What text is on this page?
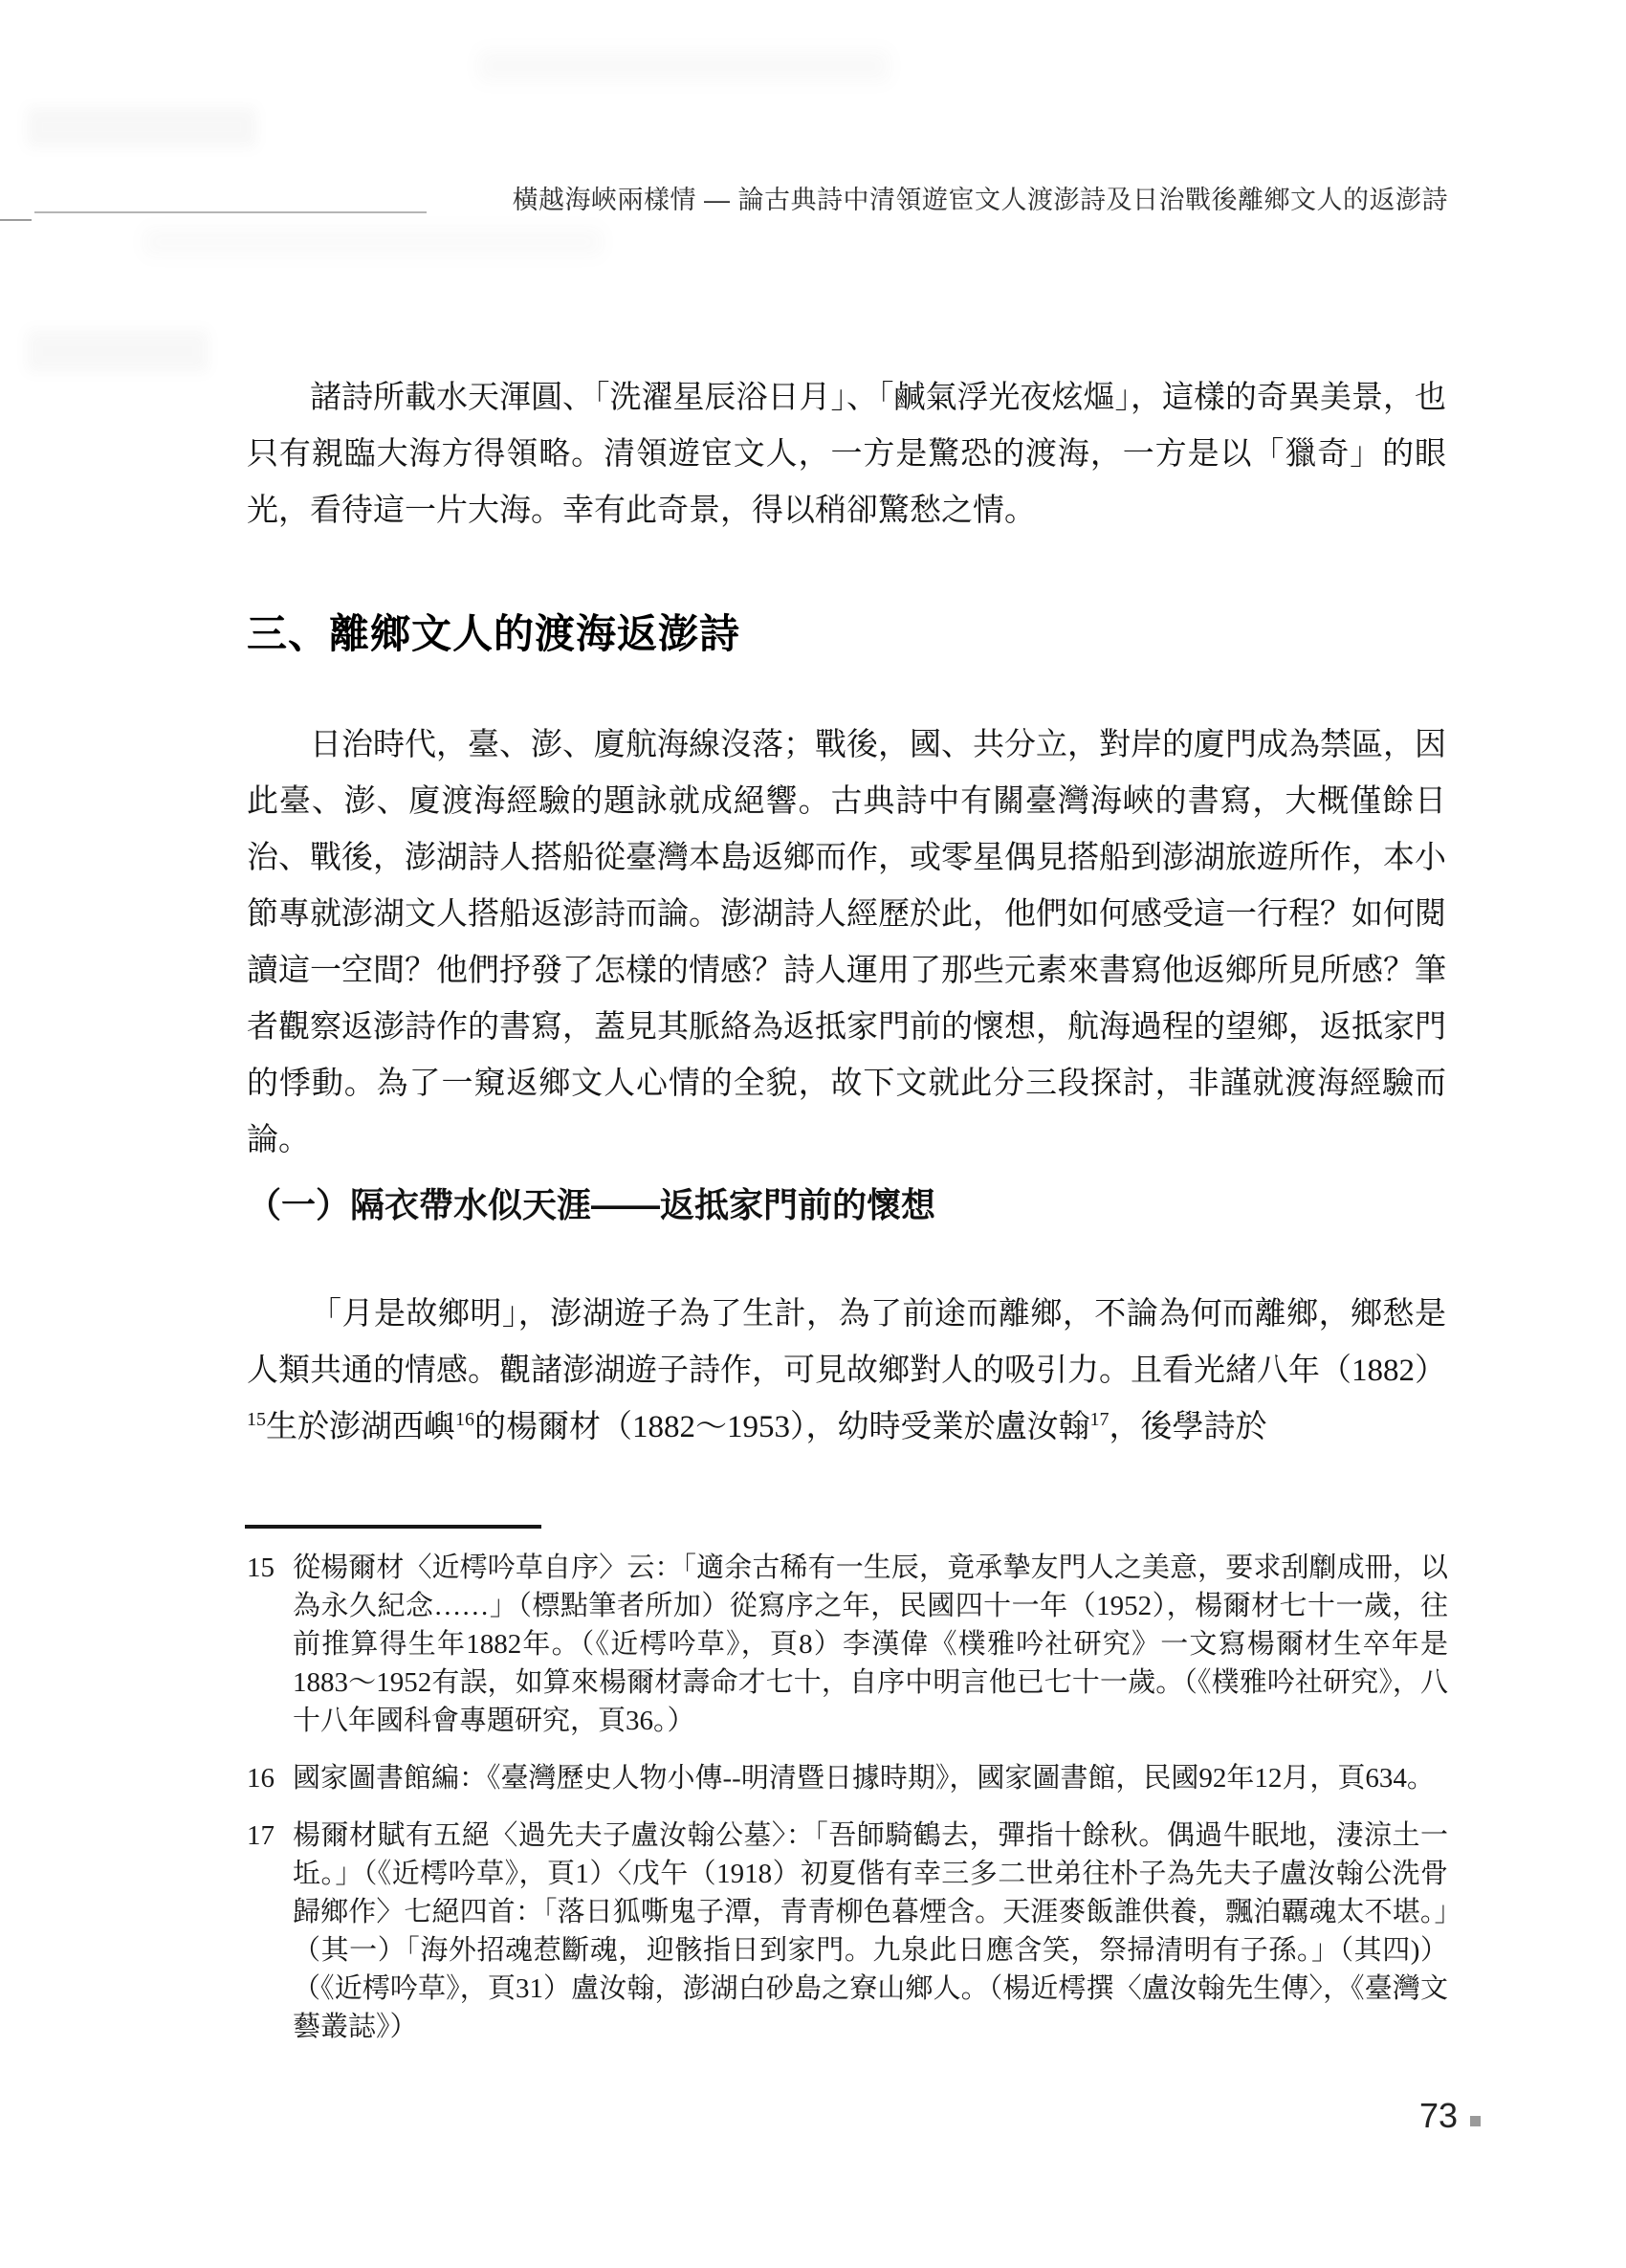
橫越海峽兩樣情 — 論古典詩中清領遊宦文人渡澎詩及日治戰後離鄉文人的返澎詩

諸詩所載水天渾圓、「洗濯星辰浴日月」、「鹹氣浮光夜炫熰」，這樣的奇異美景，也只有親臨大海方得領略。清領遊宦文人，一方是驚恐的渡海，一方是以「獵奇」的眼光，看待這一片大海。幸有此奇景，得以稍卻驚愁之情。

三、離鄉文人的渡海返澎詩

日治時代，臺、澎、廈航海線沒落；戰後，國、共分立，對岸的廈門成為禁區，因此臺、澎、廈渡海經驗的題詠就成絕響。古典詩中有關臺灣海峽的書寫，大概僅餘日治、戰後，澎湖詩人搭船從臺灣本島返鄉而作，或零星偶見搭船到澎湖旅遊所作，本小節專就澎湖文人搭船返澎詩而論。澎湖詩人經歷於此，他們如何感受這一行程？如何閱讀這一空間？他們抒發了怎樣的情感？詩人運用了那些元素來書寫他返鄉所見所感？筆者觀察返澎詩作的書寫，蓋見其脈絡為返抵家門前的懷想，航海過程的望鄉，返抵家門的悸動。為了一窺返鄉文人心情的全貌，故下文就此分三段探討，非謹就渡海經驗而論。

（一）隔衣帶水似天涯——返抵家門前的懷想

「月是故鄉明」，澎湖遊子為了生計，為了前途而離鄉，不論為何而離鄉，鄉愁是人類共通的情感。觀諸澎湖遊子詩作，可見故鄉對人的吸引力。且看光緒八年（1882）$^{15}$生於澎湖西嶼$^{16}$的楊爾材（1882～1953），幼時受業於盧汝翰$^{17}$，後學詩於

15 從楊爾材〈近樗吟草自序〉云：「適余古稀有一生辰，竟承摯友門人之美意，要求刮劘成冊，以為永久紀念……」（標點筆者所加）從寫序之年，民國四十一年（1952），楊爾材七十一歲，往前推算得生年1882年。（《近樗吟草》，頁8）李漢偉《樸雅吟社研究》一文寫楊爾材生卒年是1883～1952有誤，如算來楊爾材壽命才七十，自序中明言他已七十一歲。（《樸雅吟社研究》，八十八年國科會專題研究，頁36。）
16 國家圖書館編：《臺灣歷史人物小傳--明清暨日據時期》，國家圖書館，民國92年12月，頁634。
17 楊爾材賦有五絕〈過先夫子盧汝翰公墓〉：「吾師騎鶴去，彈指十餘秋。偶過牛眠地，淒涼土一坵。」（《近樗吟草》，頁1）〈戊午（1918）初夏偕有幸三多二世弟往朴子為先夫子盧汝翰公洗骨歸鄉作〉七絕四首：「落日狐嘶鬼子潭，青青柳色暮煙含。天涯麥飯誰供養，飄泊覊魂太不堪。」（其一）「海外招魂惹斷魂，迎骸指日到家門。九泉此日應含笑，祭掃清明有子孫。」（其四)）（《近樗吟草》，頁31）盧汝翰，澎湖白砂島之寮山鄉人。（楊近樗撰〈盧汝翰先生傳〉，《臺灣文藝叢誌》）
73
